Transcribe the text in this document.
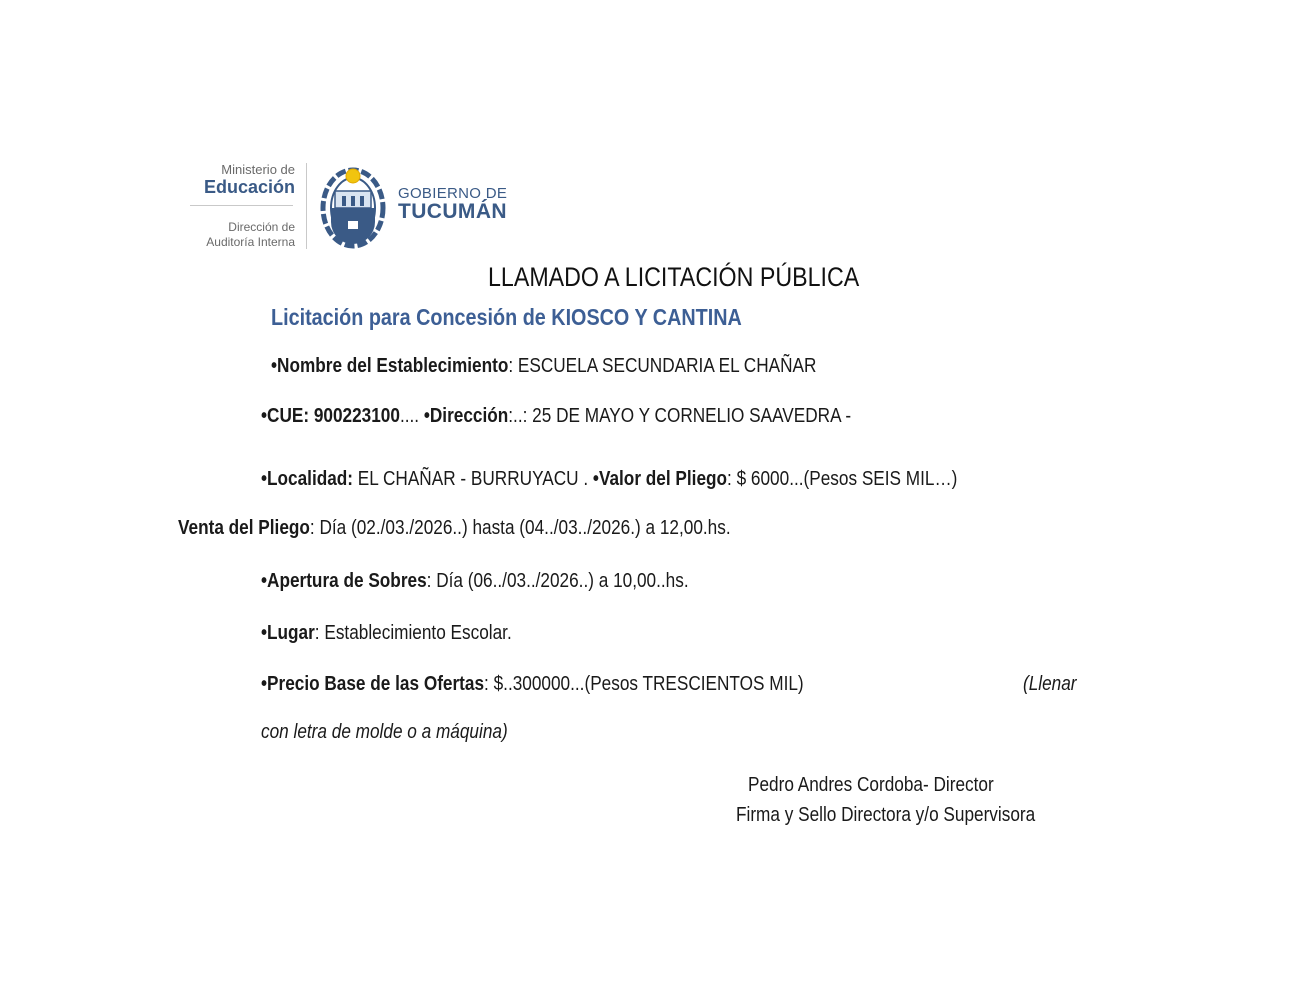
Ministerio de
Educación
Dirección de
Auditoría Interna
GOBIERNO DE
TUCUMÁN
LLAMADO A LICITACIÓN PÚBLICA
Licitación para Concesión de KIOSCO Y CANTINA
•Nombre del Establecimiento: ESCUELA SECUNDARIA EL CHAÑAR
•CUE: 900223100.... •Dirección:..: 25 DE MAYO Y CORNELIO SAAVEDRA -
•Localidad: EL CHAÑAR - BURRUYACU . •Valor del Pliego: $ 6000...(Pesos SEIS MIL…)
Venta del Pliego: Día (02./03./2026..) hasta (04../03../2026.) a 12,00.hs.
•Apertura de Sobres: Día (06../03../2026..) a 10,00..hs.
•Lugar: Establecimiento Escolar.
•Precio Base de las Ofertas: $..300000...(Pesos TRESCIENTOS MIL)	(Llenar
con letra de molde o a máquina)
Pedro Andres Cordoba- Director
Firma y Sello Directora y/o Supervisora
